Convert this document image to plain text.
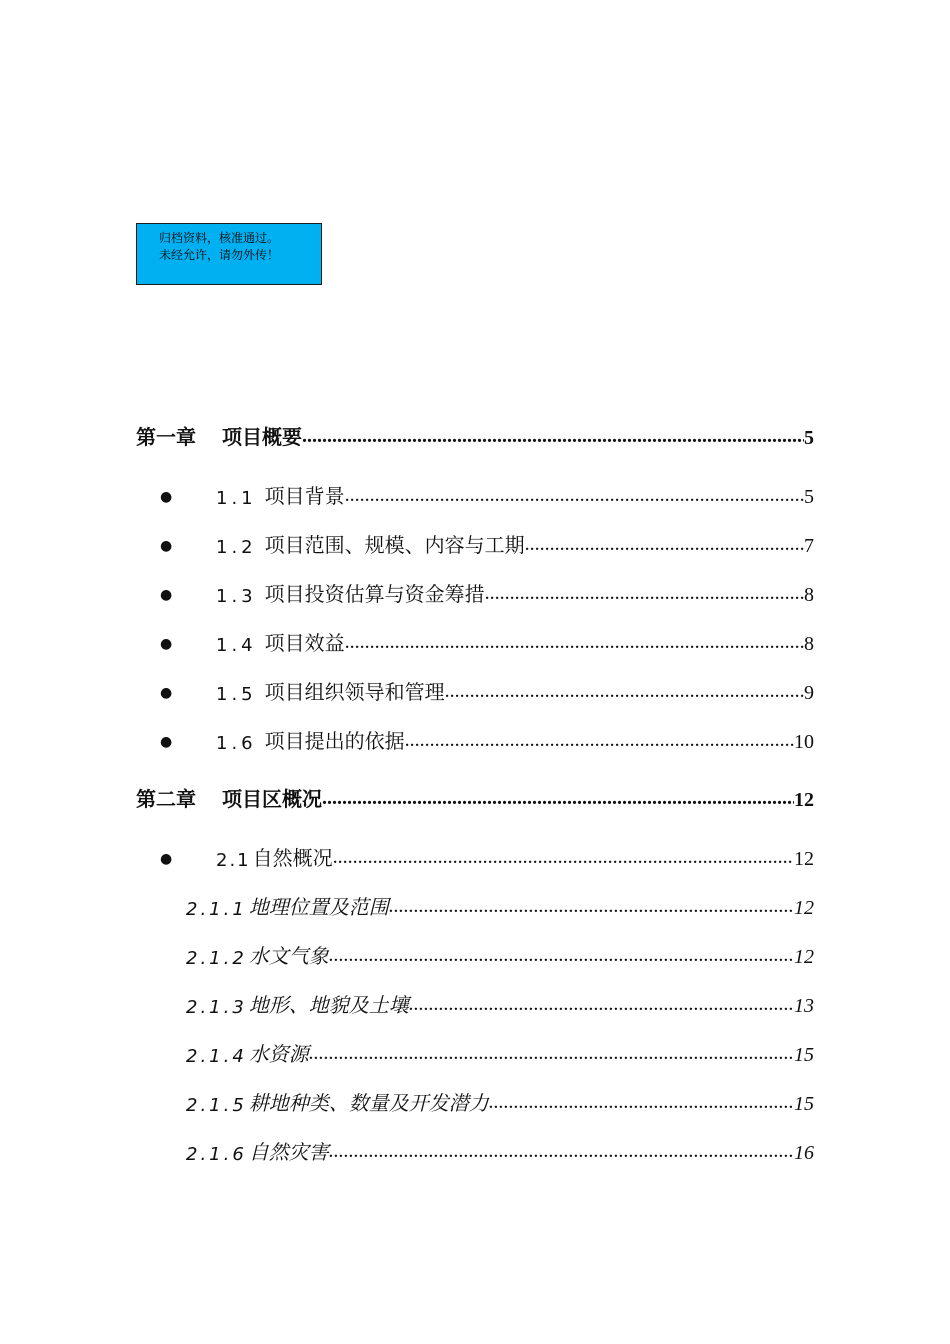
归档资料，核准通过。
未经允许，请勿外传！
第一章 项目概要 .....	5
●	1.1 项目背景 .....	5
●	1.2 项目范围、规模、内容与工期 .....	7
●	1.3 项目投资估算与资金筹措 .....	8
●	1.4 项目效益 .....	8
●	1.5 项目组织领导和管理 .....	9
●	1.6 项目提出的依据 .....	10
第二章 项目区概况 .....	12
●	2.1 自然概况 .....	12
2.1.1 地理位置及范围 .....	12
2.1.2 水文气象 .....	12
2.1.3 地形、地貌及土壤 .....	13
2.1.4 水资源 .....	15
2.1.5 耕地种类、数量及开发潜力 .....	15
2.1.6 自然灾害 .....	16
